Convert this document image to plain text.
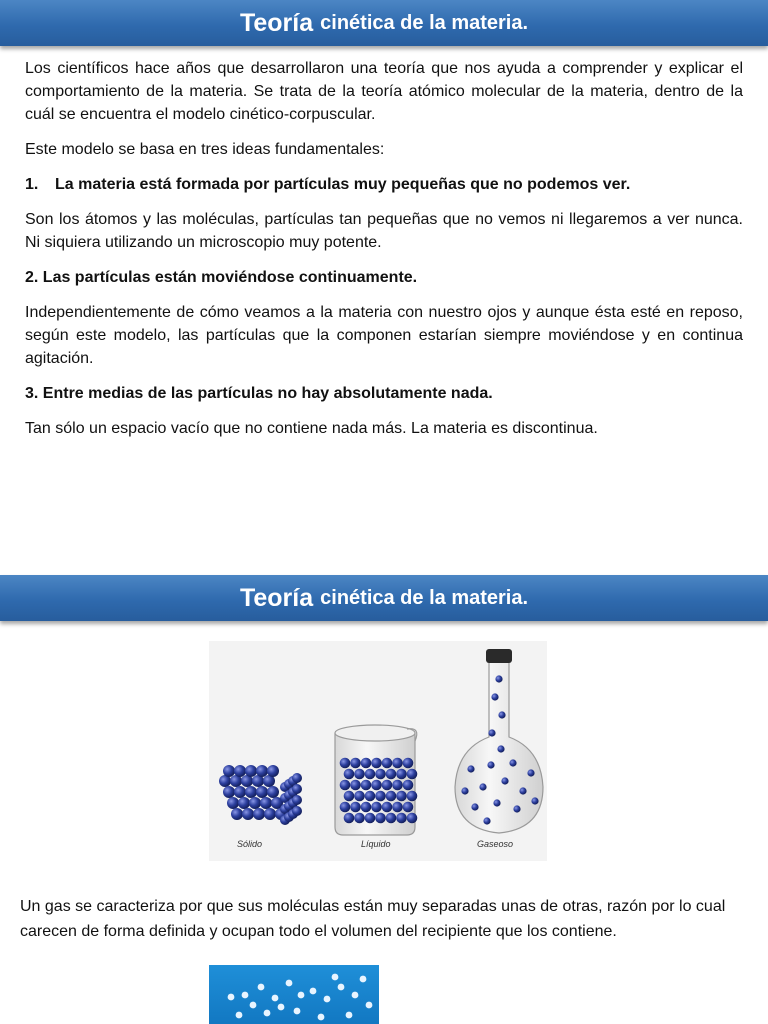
Teoría cinética de la materia.

Los científicos hace años que desarrollaron una teoría que nos ayuda a comprender y explicar el comportamiento de la materia. Se trata de la teoría atómico molecular de la materia, dentro de la cuál se encuentra el modelo cinético-corpuscular.

Este modelo se basa en tres ideas fundamentales:

1. La materia está formada por partículas muy pequeñas que no podemos ver.

Son los átomos y las moléculas, partículas tan pequeñas que no vemos ni llegaremos a ver nunca. Ni siquiera utilizando un microscopio muy potente.

2. Las partículas están moviéndose continuamente.

Independientemente de cómo veamos a la materia con nuestro ojos y aunque ésta esté en reposo, según este modelo, las partículas que la componen estarían siempre moviéndose y en continua agitación.

3. Entre medias de las partículas no hay absolutamente nada.

Tan sólo un espacio vacío que no contiene nada más. La materia es discontinua.

Teoría cinética de la materia.
Sólido	Líquido	Gaseoso

Un gas se caracteriza por que sus moléculas están muy separadas unas de otras, razón por lo cual carecen de forma definida y ocupan todo el volumen del recipiente que los contiene.
